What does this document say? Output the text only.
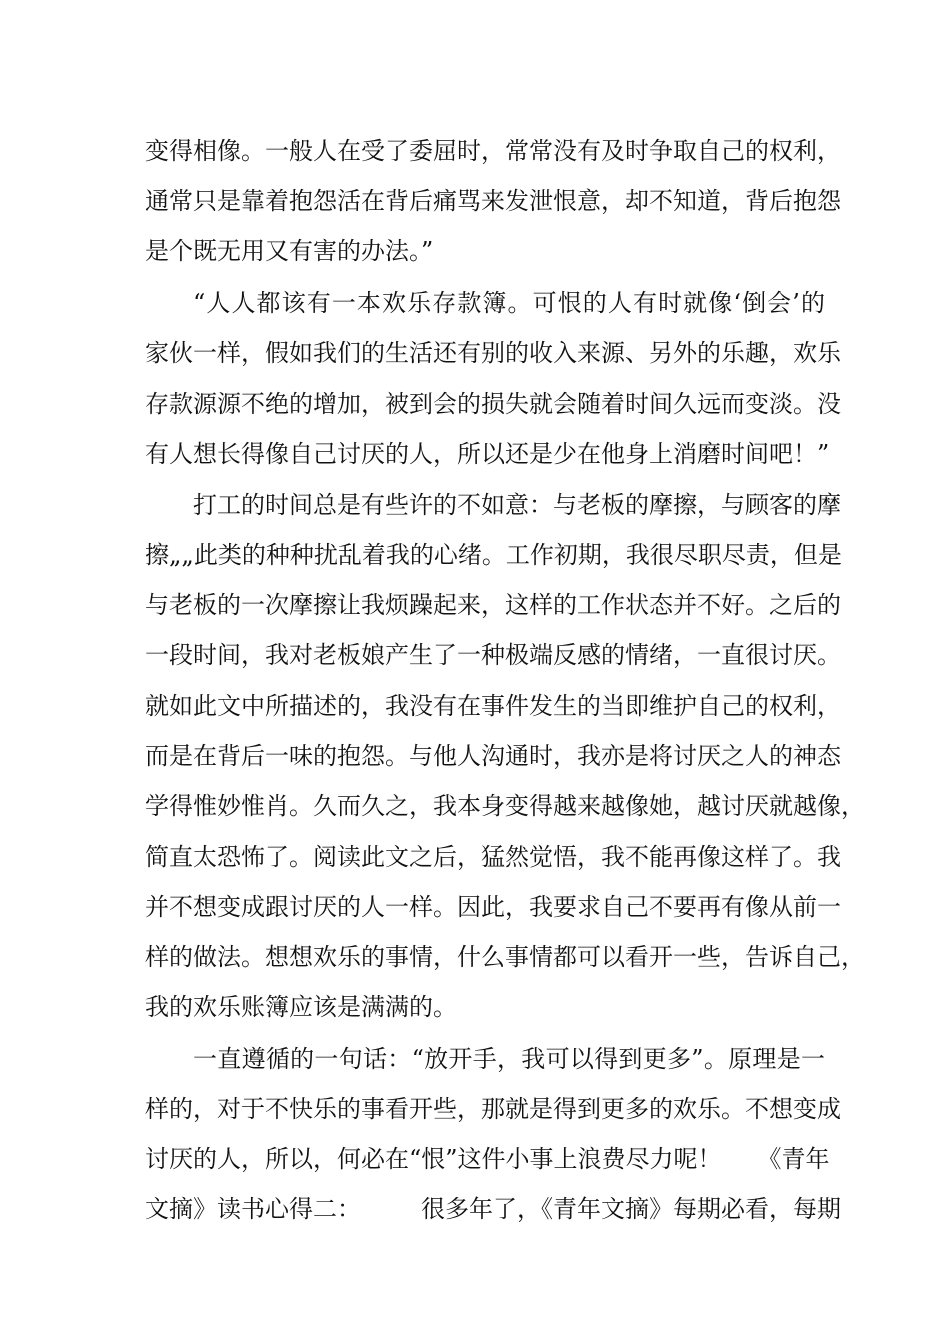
变得相像。一般人在受了委屈时，常常没有及时争取自己的权利，
通常只是靠着抱怨活在背后痛骂来发泄恨意，却不知道，背后抱怨
是个既无用又有害的办法。”
“人人都该有一本欢乐存款簿。可恨的人有时就像‘倒会’的
家伙一样，假如我们的生活还有别的收入来源、另外的乐趣，欢乐
存款源源不绝的增加，被到会的损失就会随着时间久远而变淡。没
有人想长得像自己讨厌的人，所以还是少在他身上消磨时间吧！”
打工的时间总是有些许的不如意：与老板的摩擦，与顾客的摩
擦„„此类的种种扰乱着我的心绪。工作初期，我很尽职尽责，但是
与老板的一次摩擦让我烦躁起来，这样的工作状态并不好。之后的
一段时间，我对老板娘产生了一种极端反感的情绪，一直很讨厌。
就如此文中所描述的，我没有在事件发生的当即维护自己的权利，
而是在背后一味的抱怨。与他人沟通时，我亦是将讨厌之人的神态
学得惟妙惟肖。久而久之，我本身变得越来越像她，越讨厌就越像，
简直太恐怖了。阅读此文之后，猛然觉悟，我不能再像这样了。我
并不想变成跟讨厌的人一样。因此，我要求自己不要再有像从前一
样的做法。想想欢乐的事情，什么事情都可以看开一些，告诉自己，
我的欢乐账簿应该是满满的。
一直遵循的一句话：“放开手，我可以得到更多”。原理是一
样的，对于不快乐的事看开些，那就是得到更多的欢乐。不想变成
讨厌的人，所以，何必在“恨”这件小事上浪费尽力呢！　　《青年
文摘》读书心得二：　　　很多年了，《青年文摘》每期必看，每期
